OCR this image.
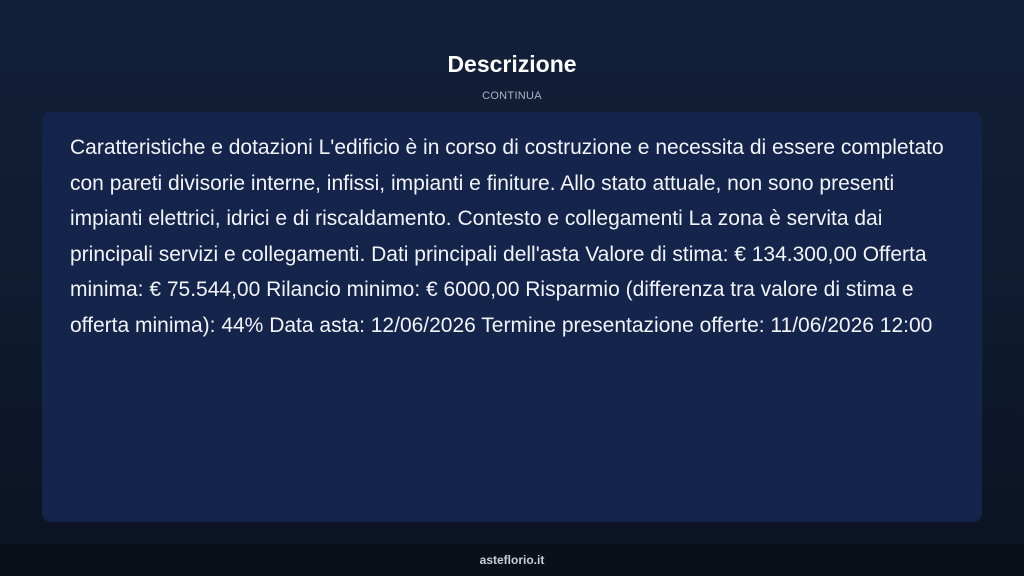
Descrizione
CONTINUA

Caratteristiche e dotazioni L'edificio è in corso di costruzione e necessita di essere completato con pareti divisorie interne, infissi, impianti e finiture. Allo stato attuale, non sono presenti impianti elettrici, idrici e di riscaldamento. Contesto e collegamenti La zona è servita dai principali servizi e collegamenti. Dati principali dell'asta Valore di stima: € 134.300,00 Offerta minima: € 75.544,00 Rilancio minimo: € 6000,00 Risparmio (differenza tra valore di stima e offerta minima): 44% Data asta: 12/06/2026 Termine presentazione offerte: 11/06/2026 12:00

asteflorio.it
